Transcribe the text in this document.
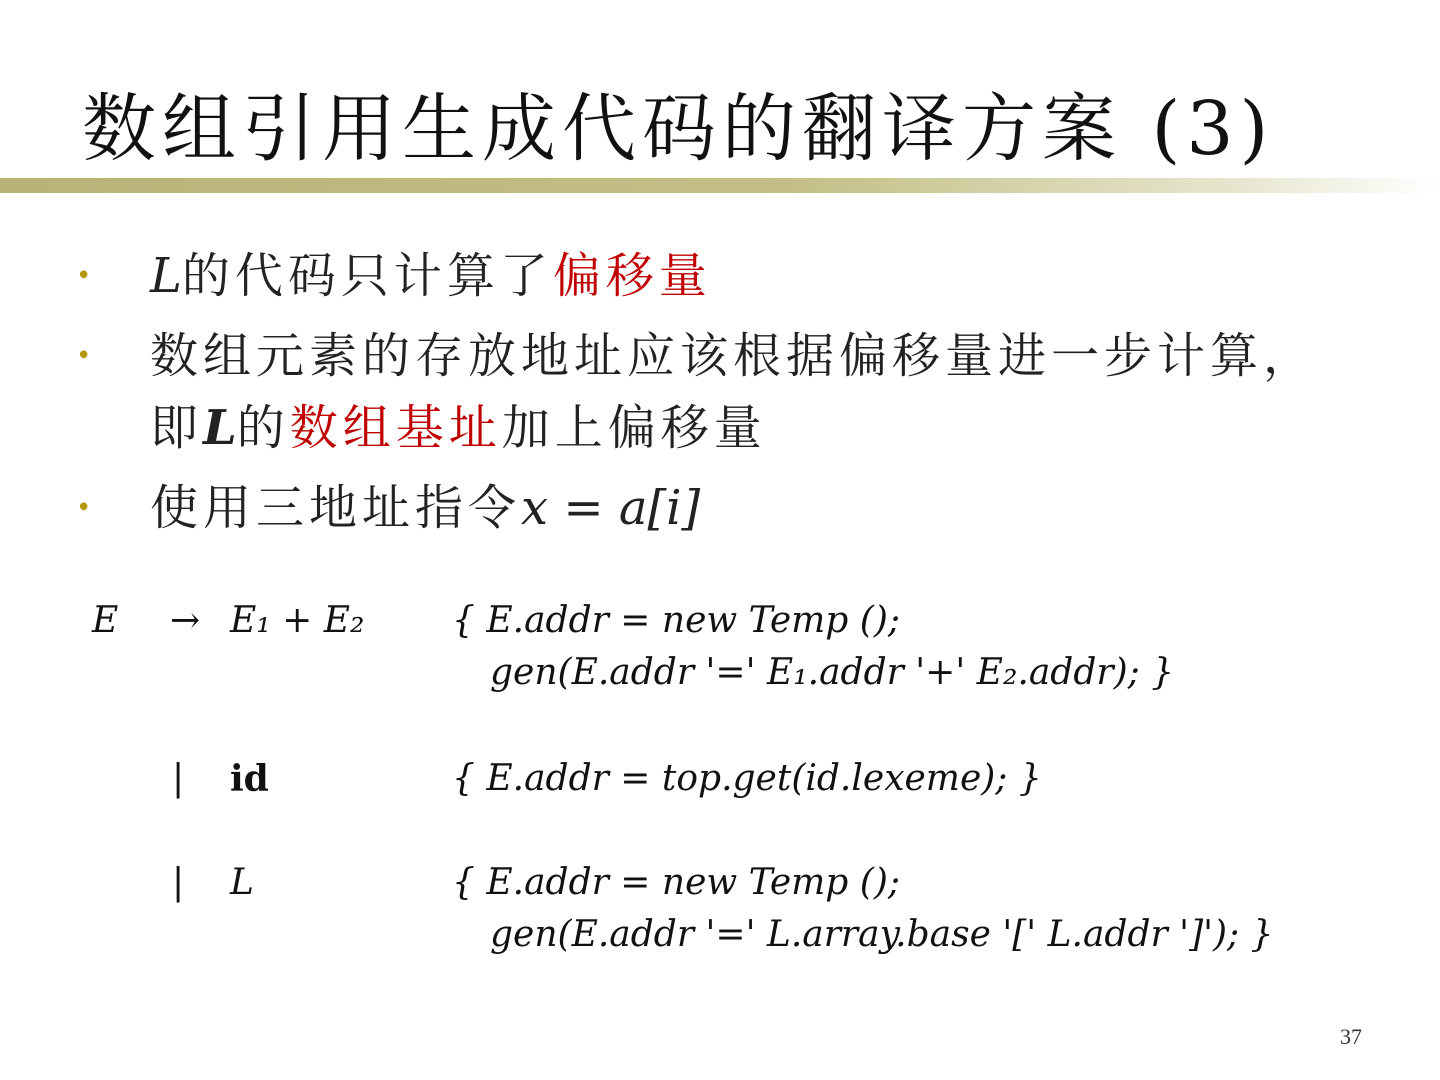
数组引用生成代码的翻译方案 (3)
•	L的代码只计算了偏移量
•	数组元素的存放地址应该根据偏移量进一步计算，
即L的数组基址加上偏移量
•	使用三地址指令x = a[i]
E → E₁ + E₂ { E.addr = new Temp ();
gen(E.addr '=' E₁.addr '+' E₂.addr); }
| id	{ E.addr = top.get(id.lexeme); }
| L	{ E.addr = new Temp ();
gen(E.addr '=' L.array.base '[' L.addr ']'); }
37
